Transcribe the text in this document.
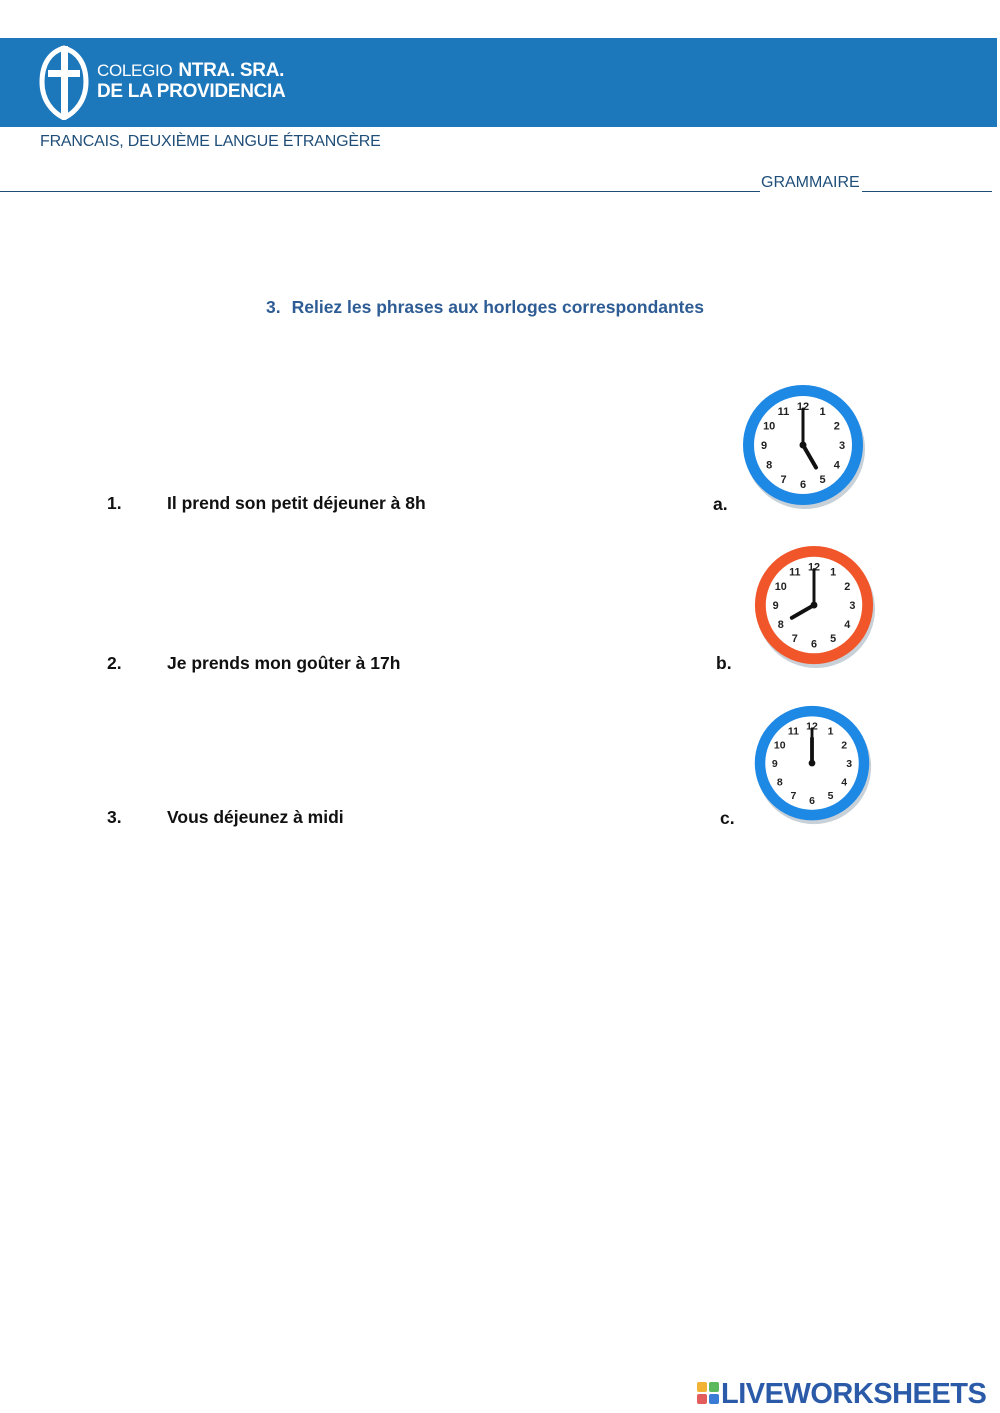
COLEGIO NTRA. SRA.
DE LA PROVIDENCIA
FRANCAIS, DEUXIÈME LANGUE ÉTRANGÈRE
GRAMMAIRE
3. Reliez les phrases aux horloges correspondantes
1.	Il prend son petit déjeuner à 8h
2.	Je prends mon goûter à 17h
3.	Vous déjeunez à midi
a.
b.
c.
1
2
3
4
5
6
7
8
9
10
11 12
1
2
3
4
5
6
7
8
9
10
11 12
1
2
3
4
5
6
7
8
9
10
11 12
LIVEWORKSHEETS
